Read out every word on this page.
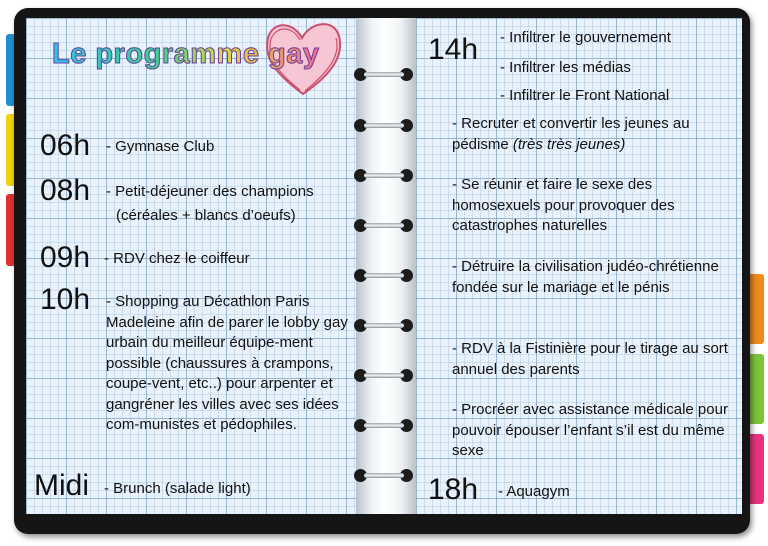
Le programme gay
06h - Gymnase Club
08h - Petit-déjeuner des champions
(céréales + blancs d’oeufs)
09h - RDV chez le coiffeur
10h - Shopping au Décathlon Paris Madeleine afin de parer le lobby gay urbain du meilleur équipe-ment possible (chaussures à crampons, coupe-vent, etc..) pour arpenter et gangréner les villes avec ses idées com-munistes et pédophiles.
Midi - Brunch (salade light)
14h - Infiltrer le gouvernement
- Infiltrer les médias
- Infiltrer le Front National
- Recruter et convertir les jeunes au pédisme (très très jeunes)
- Se réunir et faire le sexe des homosexuels pour provoquer des catastrophes naturelles
- Détruire la civilisation judéo-chrétienne fondée sur le mariage et le pénis
- RDV à la Fistinière pour le tirage au sort annuel des parents
- Procréer avec assistance médicale pour pouvoir épouser l’enfant s’il est du même sexe
18h - Aquagym
